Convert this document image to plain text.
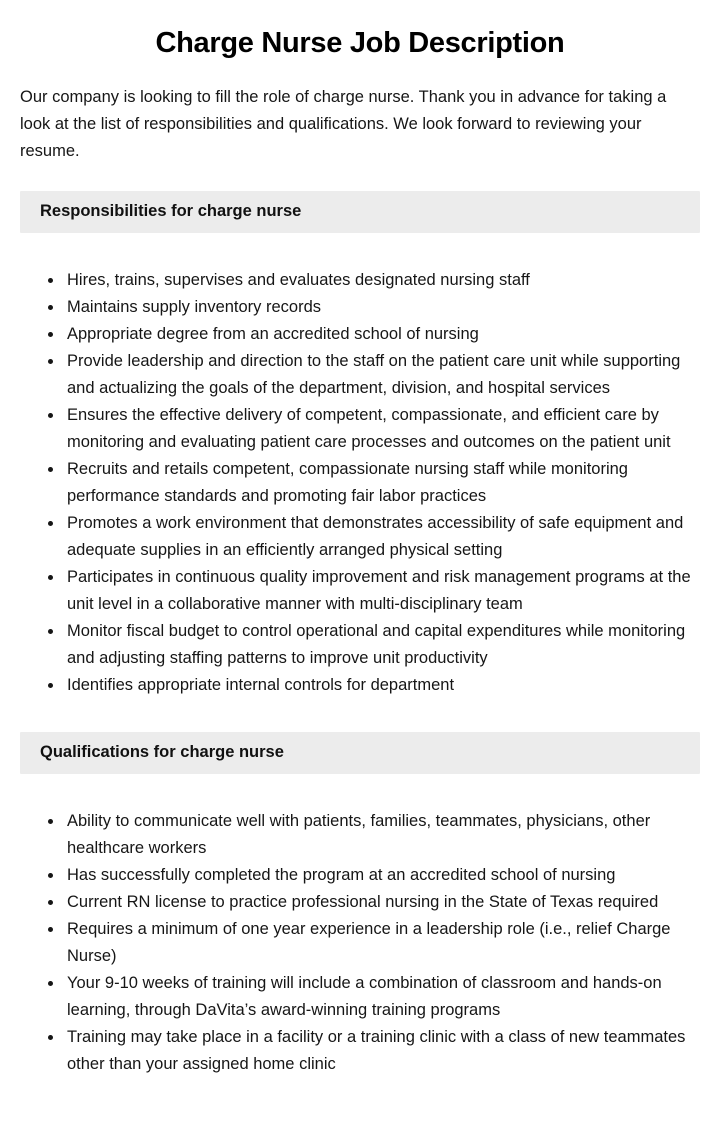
Charge Nurse Job Description

Our company is looking to fill the role of charge nurse. Thank you in advance for taking a look at the list of responsibilities and qualifications. We look forward to reviewing your resume.

Responsibilities for charge nurse
• Hires, trains, supervises and evaluates designated nursing staff
• Maintains supply inventory records
• Appropriate degree from an accredited school of nursing
• Provide leadership and direction to the staff on the patient care unit while supporting and actualizing the goals of the department, division, and hospital services
• Ensures the effective delivery of competent, compassionate, and efficient care by monitoring and evaluating patient care processes and outcomes on the patient unit
• Recruits and retails competent, compassionate nursing staff while monitoring performance standards and promoting fair labor practices
• Promotes a work environment that demonstrates accessibility of safe equipment and adequate supplies in an efficiently arranged physical setting
• Participates in continuous quality improvement and risk management programs at the unit level in a collaborative manner with multi-disciplinary team
• Monitor fiscal budget to control operational and capital expenditures while monitoring and adjusting staffing patterns to improve unit productivity
• Identifies appropriate internal controls for department
Qualifications for charge nurse
• Ability to communicate well with patients, families, teammates, physicians, other healthcare workers
• Has successfully completed the program at an accredited school of nursing
• Current RN license to practice professional nursing in the State of Texas required
• Requires a minimum of one year experience in a leadership role (i.e., relief Charge Nurse)
• Your 9-10 weeks of training will include a combination of classroom and hands-on learning, through DaVita’s award-winning training programs
• Training may take place in a facility or a training clinic with a class of new teammates other than your assigned home clinic
